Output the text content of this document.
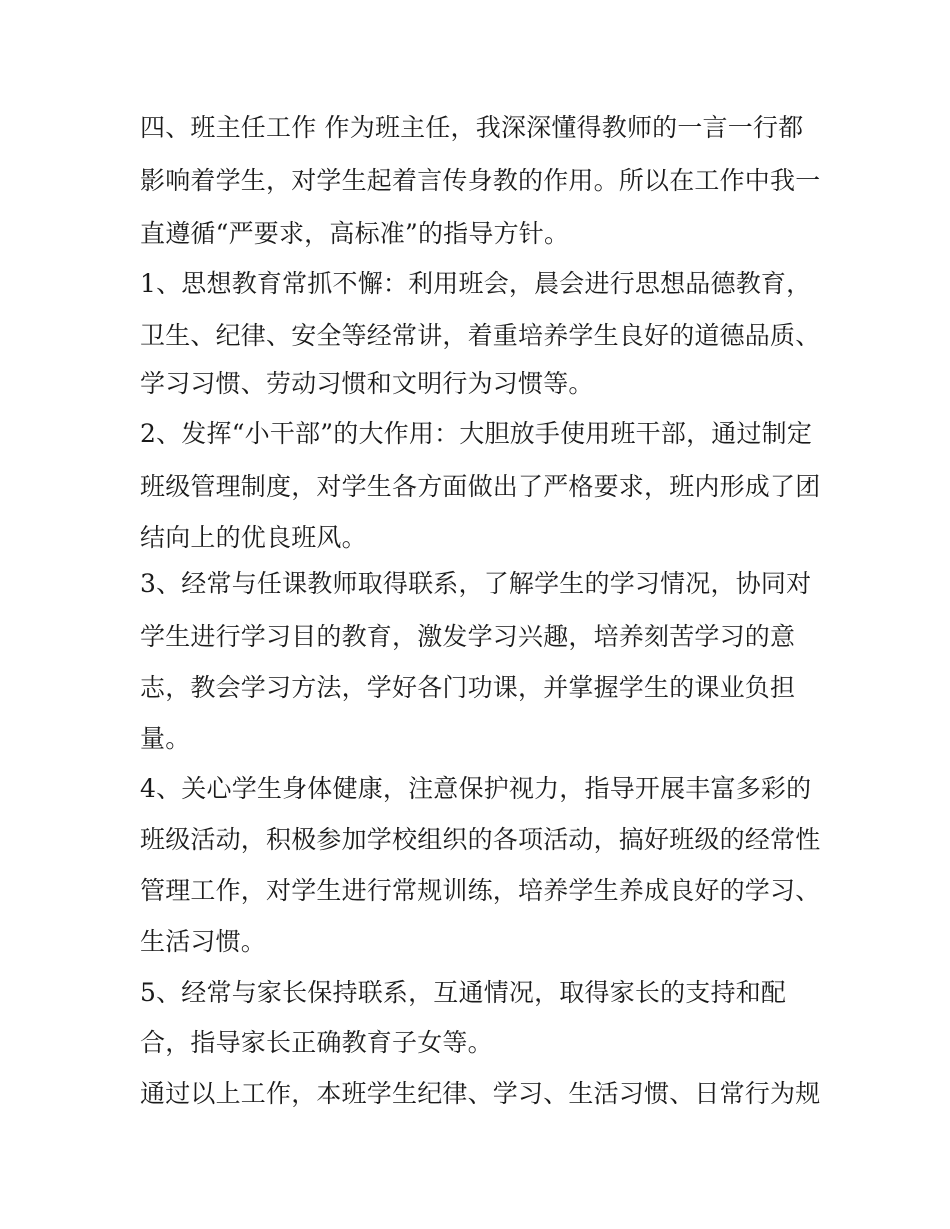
四、班主任工作 作为班主任，我深深懂得教师的一言一行都
影响着学生，对学生起着言传身教的作用。所以在工作中我一
直遵循“严要求，高标准”的指导方针。
1、思想教育常抓不懈：利用班会，晨会进行思想品德教育，
卫生、纪律、安全等经常讲，着重培养学生良好的道德品质、
学习习惯、劳动习惯和文明行为习惯等。
2、发挥“小干部”的大作用：大胆放手使用班干部，通过制定
班级管理制度，对学生各方面做出了严格要求，班内形成了团
结向上的优良班风。
3、经常与任课教师取得联系，了解学生的学习情况，协同对
学生进行学习目的教育，激发学习兴趣，培养刻苦学习的意
志，教会学习方法，学好各门功课，并掌握学生的课业负担
量。
4、关心学生身体健康，注意保护视力，指导开展丰富多彩的
班级活动，积极参加学校组织的各项活动，搞好班级的经常性
管理工作，对学生进行常规训练，培养学生养成良好的学习、
生活习惯。
5、经常与家长保持联系，互通情况，取得家长的支持和配
合，指导家长正确教育子女等。
通过以上工作，本班学生纪律、学习、生活习惯、日常行为规
